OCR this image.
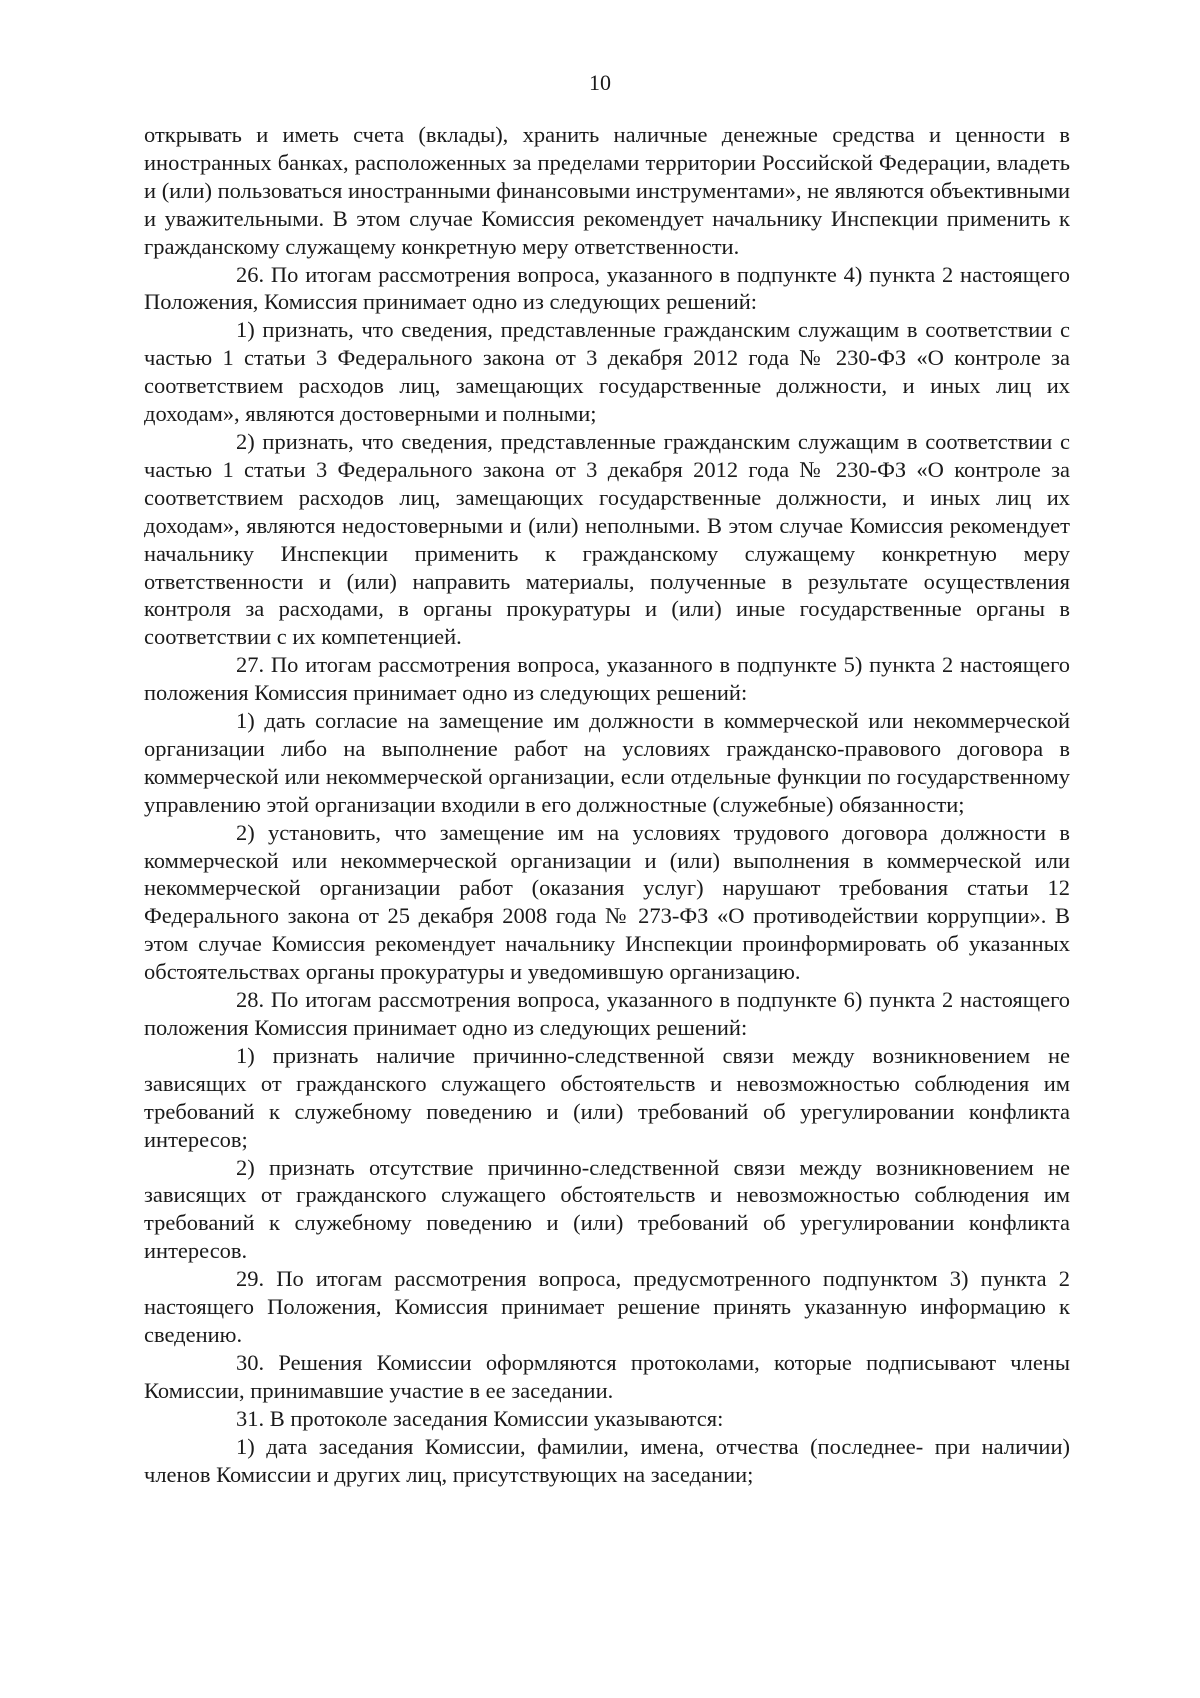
10

открывать и иметь счета (вклады), хранить наличные денежные средства и ценности в иностранных банках, расположенных за пределами территории Российской Федерации, владеть и (или) пользоваться иностранными финансовыми инструментами», не являются объективными и уважительными. В этом случае Комиссия рекомендует начальнику Инспекции применить к гражданскому служащему конкретную меру ответственности.

26. По итогам рассмотрения вопроса, указанного в подпункте 4) пункта 2 настоящего Положения, Комиссия принимает одно из следующих решений:

1) признать, что сведения, представленные гражданским служащим в соответствии с частью 1 статьи 3 Федерального закона от 3 декабря 2012 года № 230-ФЗ «О контроле за соответствием расходов лиц, замещающих государственные должности, и иных лиц их доходам», являются достоверными и полными;

2) признать, что сведения, представленные гражданским служащим в соответствии с частью 1 статьи 3 Федерального закона от 3 декабря 2012 года № 230-ФЗ «О контроле за соответствием расходов лиц, замещающих государственные должности, и иных лиц их доходам», являются недостоверными и (или) неполными. В этом случае Комиссия рекомендует начальнику Инспекции применить к гражданскому служащему конкретную меру ответственности и (или) направить материалы, полученные в результате осуществления контроля за расходами, в органы прокуратуры и (или) иные государственные органы в соответствии с их компетенцией.

27. По итогам рассмотрения вопроса, указанного в подпункте 5) пункта 2 настоящего положения Комиссия принимает одно из следующих решений:

1) дать согласие на замещение им должности в коммерческой или некоммерческой организации либо на выполнение работ на условиях гражданско-правового договора в коммерческой или некоммерческой организации, если отдельные функции по государственному управлению этой организации входили в его должностные (служебные) обязанности;

2) установить, что замещение им на условиях трудового договора должности в коммерческой или некоммерческой организации и (или) выполнения в коммерческой или некоммерческой организации работ (оказания услуг) нарушают требования статьи 12 Федерального закона от 25 декабря 2008 года № 273-ФЗ «О противодействии коррупции». В этом случае Комиссия рекомендует начальнику Инспекции проинформировать об указанных обстоятельствах органы прокуратуры и уведомившую организацию.

28. По итогам рассмотрения вопроса, указанного в подпункте 6) пункта 2 настоящего положения Комиссия принимает одно из следующих решений:

1) признать наличие причинно-следственной связи между возникновением не зависящих от гражданского служащего обстоятельств и невозможностью соблюдения им требований к служебному поведению и (или) требований об урегулировании конфликта интересов;

2) признать отсутствие причинно-следственной связи между возникновением не зависящих от гражданского служащего обстоятельств и невозможностью соблюдения им требований к служебному поведению и (или) требований об урегулировании конфликта интересов.

29. По итогам рассмотрения вопроса, предусмотренного подпунктом 3) пункта 2 настоящего Положения, Комиссия принимает решение принять указанную информацию к сведению.

30. Решения Комиссии оформляются протоколами, которые подписывают члены Комиссии, принимавшие участие в ее заседании.

31. В протоколе заседания Комиссии указываются:

1) дата заседания Комиссии, фамилии, имена, отчества (последнее- при наличии) членов Комиссии и других лиц, присутствующих на заседании;
